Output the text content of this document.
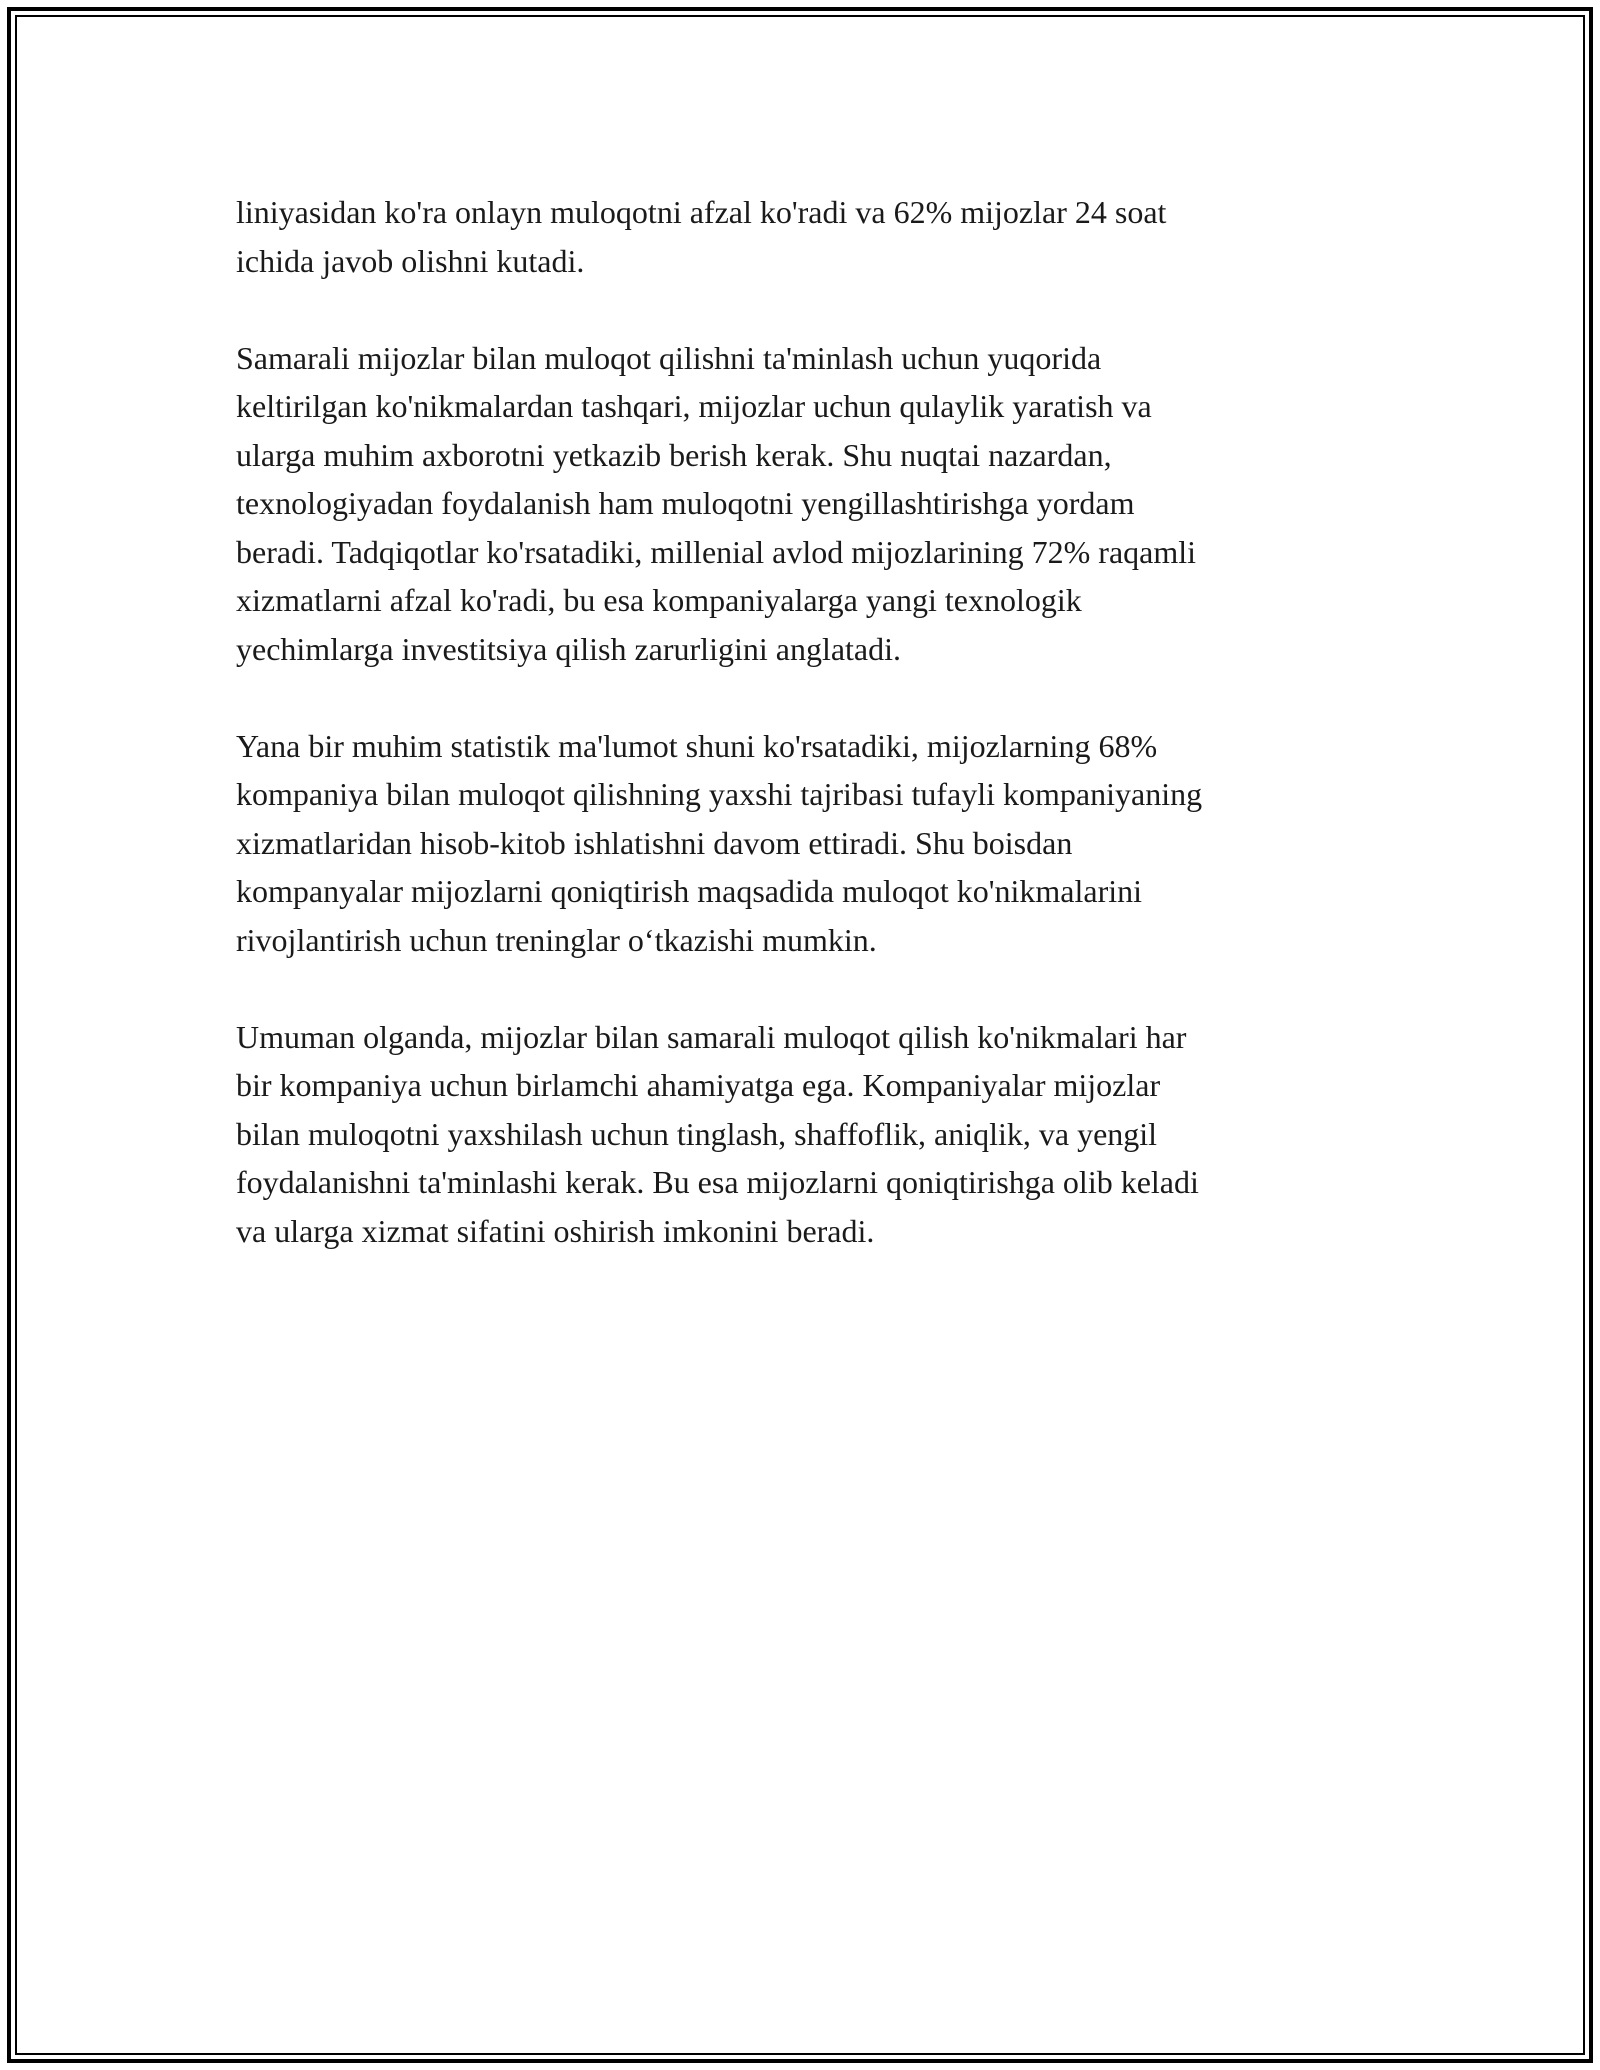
liniyasidan ko'ra onlayn muloqotni afzal ko'radi va 62% mijozlar 24 soat
ichida javob olishni kutadi.

Samarali mijozlar bilan muloqot qilishni ta'minlash uchun yuqorida
keltirilgan ko'nikmalardan tashqari, mijozlar uchun qulaylik yaratish va
ularga muhim axborotni yetkazib berish kerak. Shu nuqtai nazardan,
texnologiyadan foydalanish ham muloqotni yengillashtirishga yordam
beradi. Tadqiqotlar ko'rsatadiki, millenial avlod mijozlarining 72% raqamli
xizmatlarni afzal ko'radi, bu esa kompaniyalarga yangi texnologik
yechimlarga investitsiya qilish zarurligini anglatadi.

Yana bir muhim statistik ma'lumot shuni ko'rsatadiki, mijozlarning 68%
kompaniya bilan muloqot qilishning yaxshi tajribasi tufayli kompaniyaning
xizmatlaridan hisob-kitob ishlatishni davom ettiradi. Shu boisdan
kompanyalar mijozlarni qoniqtirish maqsadida muloqot ko'nikmalarini
rivojlantirish uchun treninglar o‘tkazishi mumkin.

Umuman olganda, mijozlar bilan samarali muloqot qilish ko'nikmalari har
bir kompaniya uchun birlamchi ahamiyatga ega. Kompaniyalar mijozlar
bilan muloqotni yaxshilash uchun tinglash, shaffoflik, aniqlik, va yengil
foydalanishni ta'minlashi kerak. Bu esa mijozlarni qoniqtirishga olib keladi
va ularga xizmat sifatini oshirish imkonini beradi.
